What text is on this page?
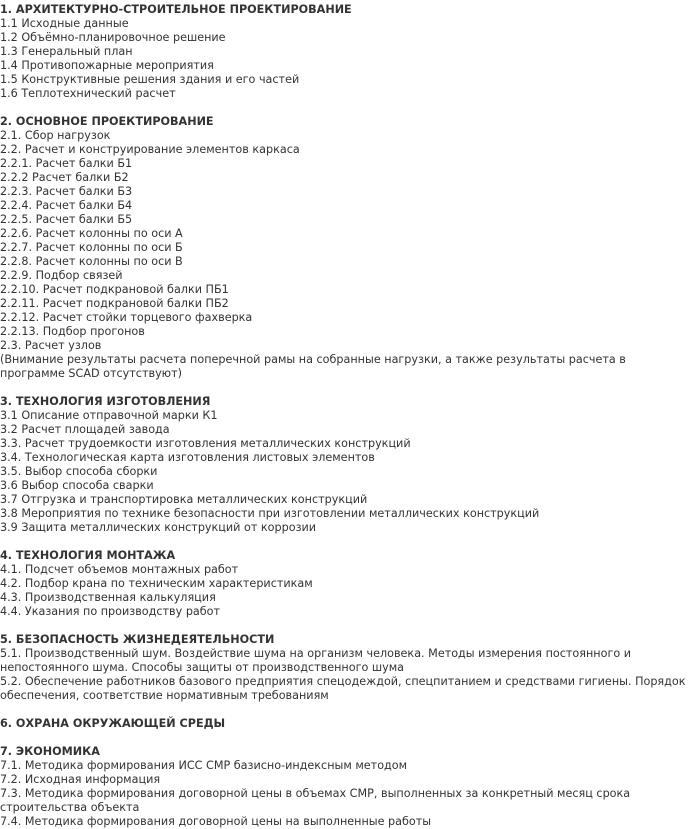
1. АРХИТЕКТУРНО-СТРОИТЕЛЬНОЕ ПРОЕКТИРОВАНИЕ
1.1 Исходные данные
1.2 Объёмно-планировочное решение
1.3 Генеральный план
1.4 Противопожарные мероприятия
1.5 Конструктивные решения здания и его частей
1.6 Теплотехнический расчет
2. ОСНОВНОЕ ПРОЕКТИРОВАНИЕ
2.1. Сбор нагрузок
2.2. Расчет и конструирование элементов каркаса
2.2.1. Расчет балки Б1
2.2.2 Расчет балки Б2
2.2.3. Расчет балки Б3
2.2.4. Расчет балки Б4
2.2.5. Расчет балки Б5
2.2.6. Расчет колонны по оси А
2.2.7. Расчет колонны по оси Б
2.2.8. Расчет колонны по оси В
2.2.9. Подбор связей
2.2.10. Расчет подкрановой балки ПБ1
2.2.11. Расчет подкрановой балки ПБ2
2.2.12. Расчет стойки торцевого фахверка
2.2.13. Подбор прогонов
2.3. Расчет узлов
(Внимание результаты расчета поперечной рамы на собранные нагрузки, а также результаты расчета в программе SCAD отсутствуют)
3. ТЕХНОЛОГИЯ ИЗГОТОВЛЕНИЯ
3.1 Описание отправочной марки К1
3.2 Расчет площадей завода
3.3. Расчет трудоемкости изготовления металлических конструкций
3.4. Технологическая карта изготовления листовых элементов
3.5. Выбор способа сборки
3.6 Выбор способа сварки
3.7 Отгрузка и транспортировка металлических конструкций
3.8 Мероприятия по технике безопасности при изготовлении металлических конструкций
3.9 Защита металлических конструкций от коррозии
4. ТЕХНОЛОГИЯ МОНТАЖА
4.1. Подсчет объемов монтажных работ
4.2. Подбор крана по техническим характеристикам
4.3. Производственная калькуляция
4.4. Указания по производству работ
5. БЕЗОПАСНОСТЬ ЖИЗНЕДЕЯТЕЛЬНОСТИ
5.1. Производственный шум. Воздействие шума на организм человека. Методы измерения постоянного и непостоянного шума. Способы защиты от производственного шума
5.2. Обеспечение работников базового предприятия спецодеждой, спецпитанием и средствами гигиены. Порядок обеспечения, соответствие нормативным требованиям
6. ОХРАНА ОКРУЖАЮЩЕЙ СРЕДЫ
7. ЭКОНОМИКА
7.1. Методика формирования ИСС СМР базисно-индексным методом
7.2. Исходная информация
7.3. Методика формирования договорной цены в объемах СМР, выполненных за конкретный месяц срока строительства объекта
7.4. Методика формирования договорной цены на выполненные работы
